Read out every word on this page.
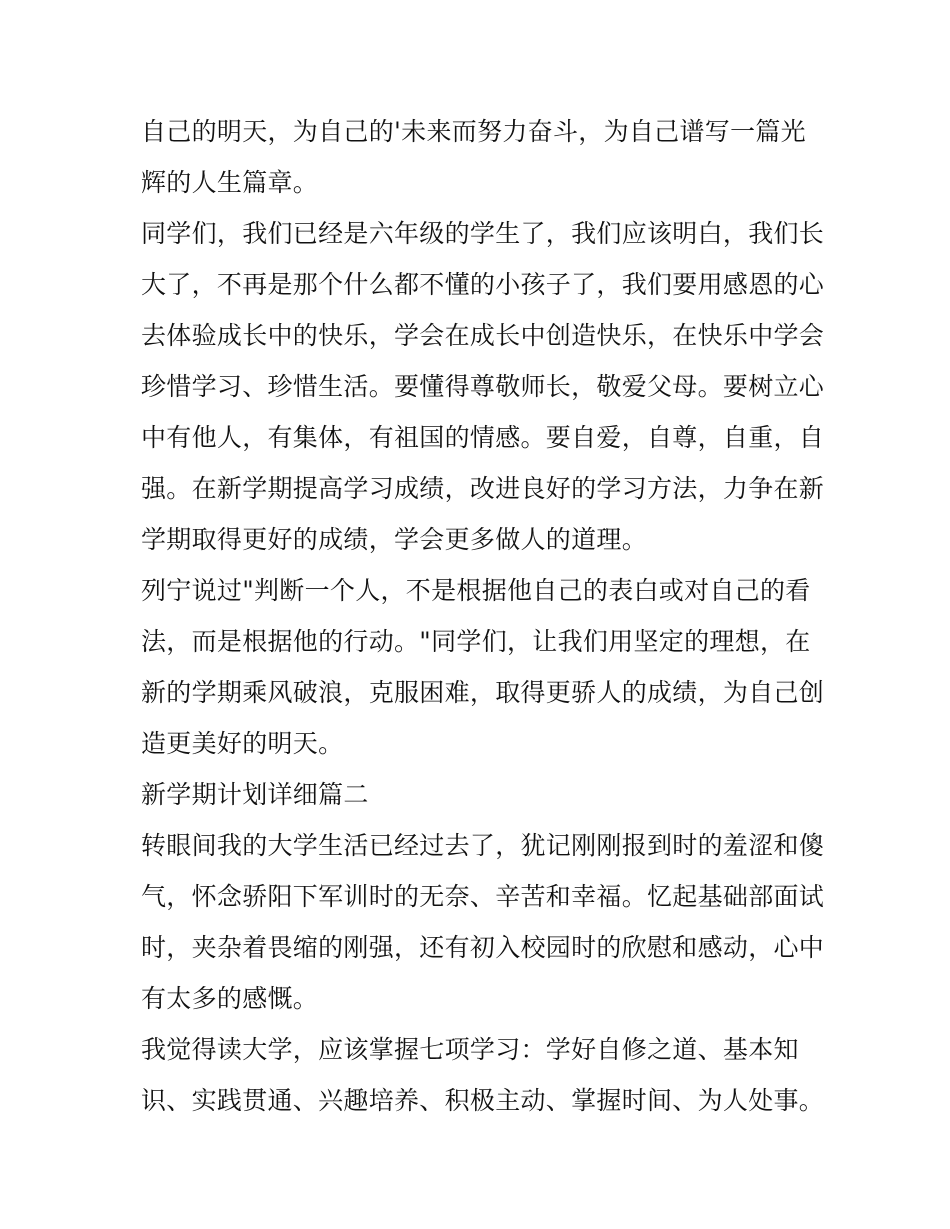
自己的明天，为自己的'未来而努力奋斗，为自己谱写一篇光
辉的人生篇章。
同学们，我们已经是六年级的学生了，我们应该明白，我们长
大了，不再是那个什么都不懂的小孩子了，我们要用感恩的心
去体验成长中的快乐，学会在成长中创造快乐，在快乐中学会
珍惜学习、珍惜生活。要懂得尊敬师长，敬爱父母。要树立心
中有他人，有集体，有祖国的情感。要自爱，自尊，自重，自
强。在新学期提高学习成绩，改进良好的学习方法，力争在新
学期取得更好的成绩，学会更多做人的道理。
列宁说过"判断一个人，不是根据他自己的表白或对自己的看
法，而是根据他的行动。"同学们，让我们用坚定的理想，在
新的学期乘风破浪，克服困难，取得更骄人的成绩，为自己创
造更美好的明天。
新学期计划详细篇二
转眼间我的大学生活已经过去了，犹记刚刚报到时的羞涩和傻
气，怀念骄阳下军训时的无奈、辛苦和幸福。忆起基础部面试
时，夹杂着畏缩的刚强，还有初入校园时的欣慰和感动，心中
有太多的感慨。
我觉得读大学，应该掌握七项学习：学好自修之道、基本知
识、实践贯通、兴趣培养、积极主动、掌握时间、为人处事。
